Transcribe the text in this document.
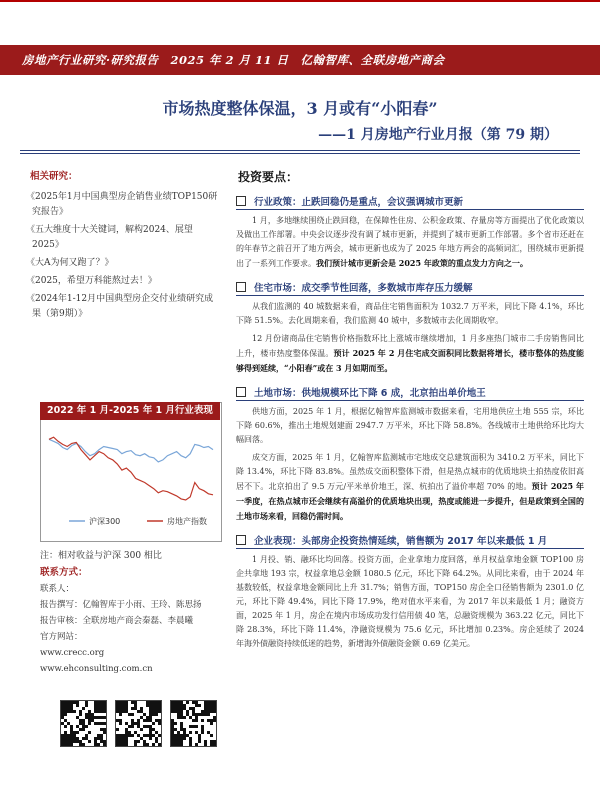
房地产行业研究·研究报告　2025 年 2 月 11 日　亿翰智库、全联房地产商会
市场热度整体保温，3 月或有“小阳春”
——1 月房地产行业月报（第 79 期）
相关研究：

《2025年1月中国典型房企销售业绩TOP150研究报告》

《五大维度十大关键词，解构2024、展望2025》

《大A为何又跑了？》

《2025，希望万科能熬过去！》

《2024年1-12月中国典型房企交付业绩研究成果（第9期）》

沪深300	房地产指数
2022 年 1 月-2025 年 1 月行业表现
注：相对收益与沪深 300 相比
联系方式：
联系人：
报告撰写：亿翰智库于小雨、王玲、陈思扬
报告审核：全联房地产商会秦磊、李晨曦
官方网站：
www.crecc.org
www.ehconsulting.com.cn
投资要点：
行业政策：止跌回稳仍是重点，会议强调城市更新

1 月，多地继续围绕止跌回稳，在保障性住房、公积金政策、存量房等方面提出了优化政策以及做出工作部署。中央会议逐步没有调了城市更新，并提到了城市更新工作部署。多个省市还赶在的年春节之前召开了地方两会，城市更新也成为了 2025 年地方两会的高频词汇，围绕城市更新提出了一系列工作要求。我们预计城市更新会是 2025 年政策的重点发力方向之一。

住宅市场：成交季节性回落，多数城市库存压力缓解

从我们监测的 40 城数据来看，商品住宅销售面积为 1032.7 万平米，同比下降 4.1%，环比下降 51.5%。去化周期来看，我们监测 40 城中，多数城市去化周期收窄。

12 月份诸商品住宅销售价格指数环比上涨城市继续增加，1 月多座热门城市二手房销售同比上升，楼市热度整体保温。预计 2025 年 2 月住宅成交面积同比数据将增长，楼市整体的热度能够得到延续，“小阳春”或在 3 月如期而至。

土地市场：供地规模环比下降 6 成，北京拍出单价地王

供地方面，2025 年 1 月，根据亿翰智库监测城市数据来看，宅用地供应土地 555 宗，环比下降 60.6%，推出土地规划建面 2947.7 万平米，环比下降 58.8%。各线城市土地供给环比均大幅回落。

成交方面，2025 年 1 月，亿翰智库监测城市宅地成交总建筑面积为 3410.2 万平米，同比下降 13.4%，环比下降 83.8%。虽然成交面积整体下滑，但是热点城市的优质地块土拍热度依旧高居不下。北京拍出了 9.5 万元/平米单价地王，深、杭拍出了溢价率超 70% 的地。预计 2025 年一季度，在热点城市还会继续有高溢价的优质地块出现，热度或能进一步提升，但是政策到全国的土地市场来看，回稳仍需时间。

企业表现：头部房企投资热情延续，销售额为 2017 年以来最低 1 月

1 月投、销、融环比均回落。投资方面，企业拿地力度回落，单月权益拿地金额 TOP100 房企共拿地 193 宗，权益拿地总金额 1080.5 亿元，环比下降 64.2%。从同比来看，由于 2024 年基数较低，权益拿地金额同比上升 31.7%；销售方面，TOP150 房企全口径销售额为 2301.0 亿元，环比下降 49.4%，同比下降 17.9%，绝对值水平来看，为 2017 年以来最低 1 月；融资方面，2025 年 1 月，房企在境内市场成功发行信用债 40 笔，总融资规模为 363.22 亿元，同比下降 28.3%，环比下降 11.4%，净融资规模为 75.6 亿元，环比增加 0.23%。房企延续了 2024 年海外债融资持续低迷的趋势，新增海外债融资金额 0.69 亿美元。
